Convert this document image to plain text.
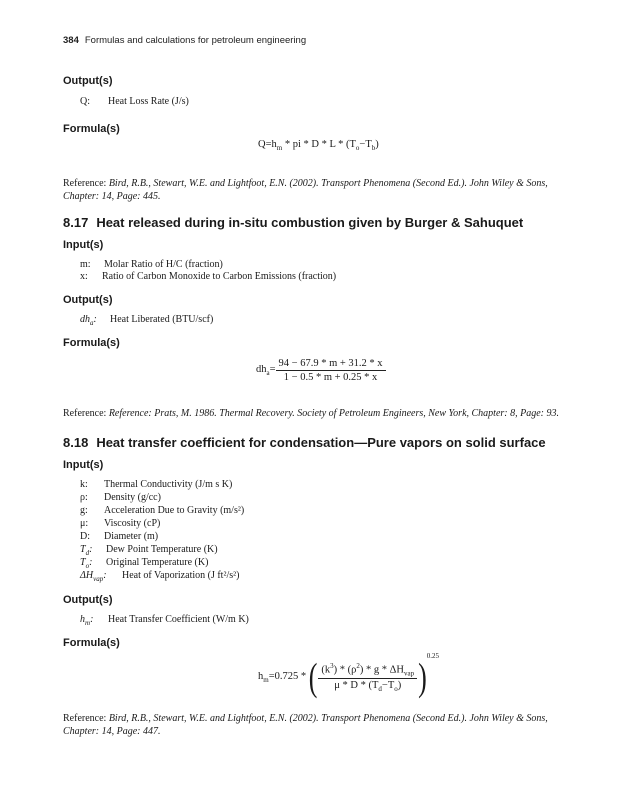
384 Formulas and calculations for petroleum engineering
Output(s)
Q: Heat Loss Rate (J/s)
Formula(s)
$Q=h_m$ * pi * $D * L * (T_o-T_b)$
Reference: Bird, R.B., Stewart, W.E. and Lightfoot, E.N. (2002). Transport Phenomena (Second Ed.). John Wiley & Sons, Chapter: 14, Page: 445.
8.17 Heat released during in-situ combustion given by Burger & Sahuquet
Input(s)
m: Molar Ratio of H/C (fraction)
x: Ratio of Carbon Monoxide to Carbon Emissions (fraction)
Output(s)
$dh_a$: Heat Liberated (BTU/scf)
Formula(s)
$dh_a= \frac{94 - 67.9 * m + 31.2 * x}{1 - 0.5 * m + 0.25 * x}$
Reference: Reference: Prats, M. 1986. Thermal Recovery. Society of Petroleum Engineers, New York, Chapter: 8, Page: 93.
8.18 Heat transfer coefficient for condensation—Pure vapors on solid surface
Input(s)
k: Thermal Conductivity (J/m s K)
ρ: Density (g/cc)
g: Acceleration Due to Gravity (m/s²)
μ: Viscosity (cP)
D: Diameter (m)
$T_d$: Dew Point Temperature (K)
$T_o$: Original Temperature (K)
$\Delta H_{vap}$: Heat of Vaporization (J ft²/s²)
Output(s)
$h_m$: Heat Transfer Coefficient (W/m K)
Formula(s)
$h_m=0.725$ * ( $\frac{(k^3) * (\rho^2) * g * \Delta H_{vap}}{\mu * D * (T_d-T_o)} )^{0.25}$
Reference: Bird, R.B., Stewart, W.E. and Lightfoot, E.N. (2002). Transport Phenomena (Second Ed.). John Wiley & Sons, Chapter: 14, Page: 447.
